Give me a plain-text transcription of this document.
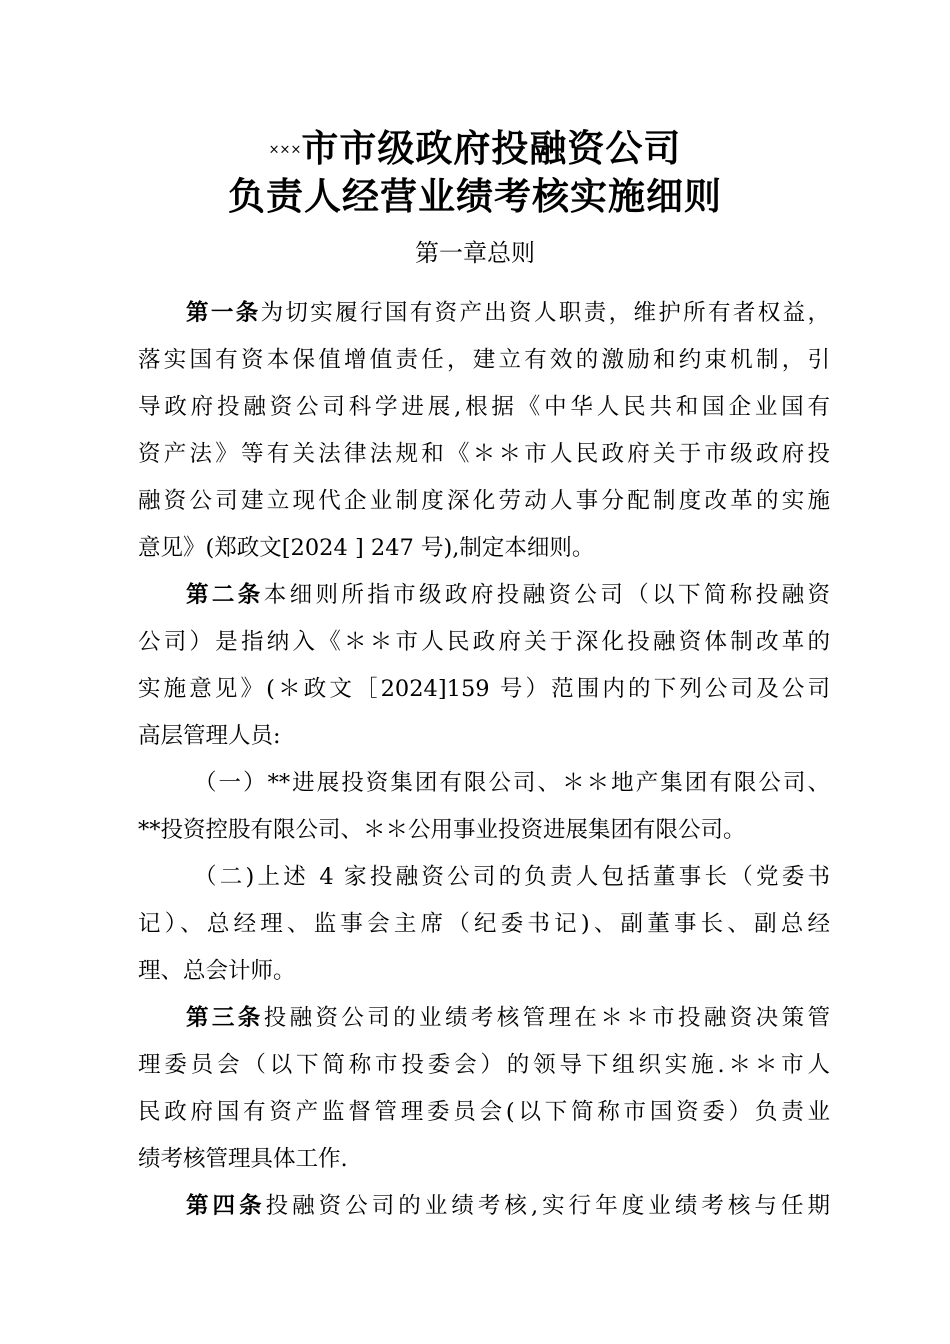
×××市市级政府投融资公司
负责人经营业绩考核实施细则
第一章总则
第一条为切实履行国有资产出资人职责，维护所有者权益，
落实国有资本保值增值责任，建立有效的激励和约束机制，引
导政府投融资公司科学进展,根据《中华人民共和国企业国有
资产法》等有关法律法规和《＊＊市人民政府关于市级政府投
融资公司建立现代企业制度深化劳动人事分配制度改革的实施
意见》(郑政文[2024 ] 247 号),制定本细则。
第二条本细则所指市级政府投融资公司（以下简称投融资
公司）是指纳入《＊＊市人民政府关于深化投融资体制改革的
实施意见》(＊政文［2024]159 号）范围内的下列公司及公司
高层管理人员:
（一）**进展投资集团有限公司、＊＊地产集团有限公司、
**投资控股有限公司、＊＊公用事业投资进展集团有限公司。
（二)上述 4 家投融资公司的负责人包括董事长（党委书
记）、总经理、监事会主席（纪委书记)、副董事长、副总经
理、总会计师。
第三条投融资公司的业绩考核管理在＊＊市投融资决策管
理委员会（以下简称市投委会）的领导下组织实施.＊＊市人
民政府国有资产监督管理委员会(以下简称市国资委）负责业
绩考核管理具体工作.
第四条投融资公司的业绩考核,实行年度业绩考核与任期
